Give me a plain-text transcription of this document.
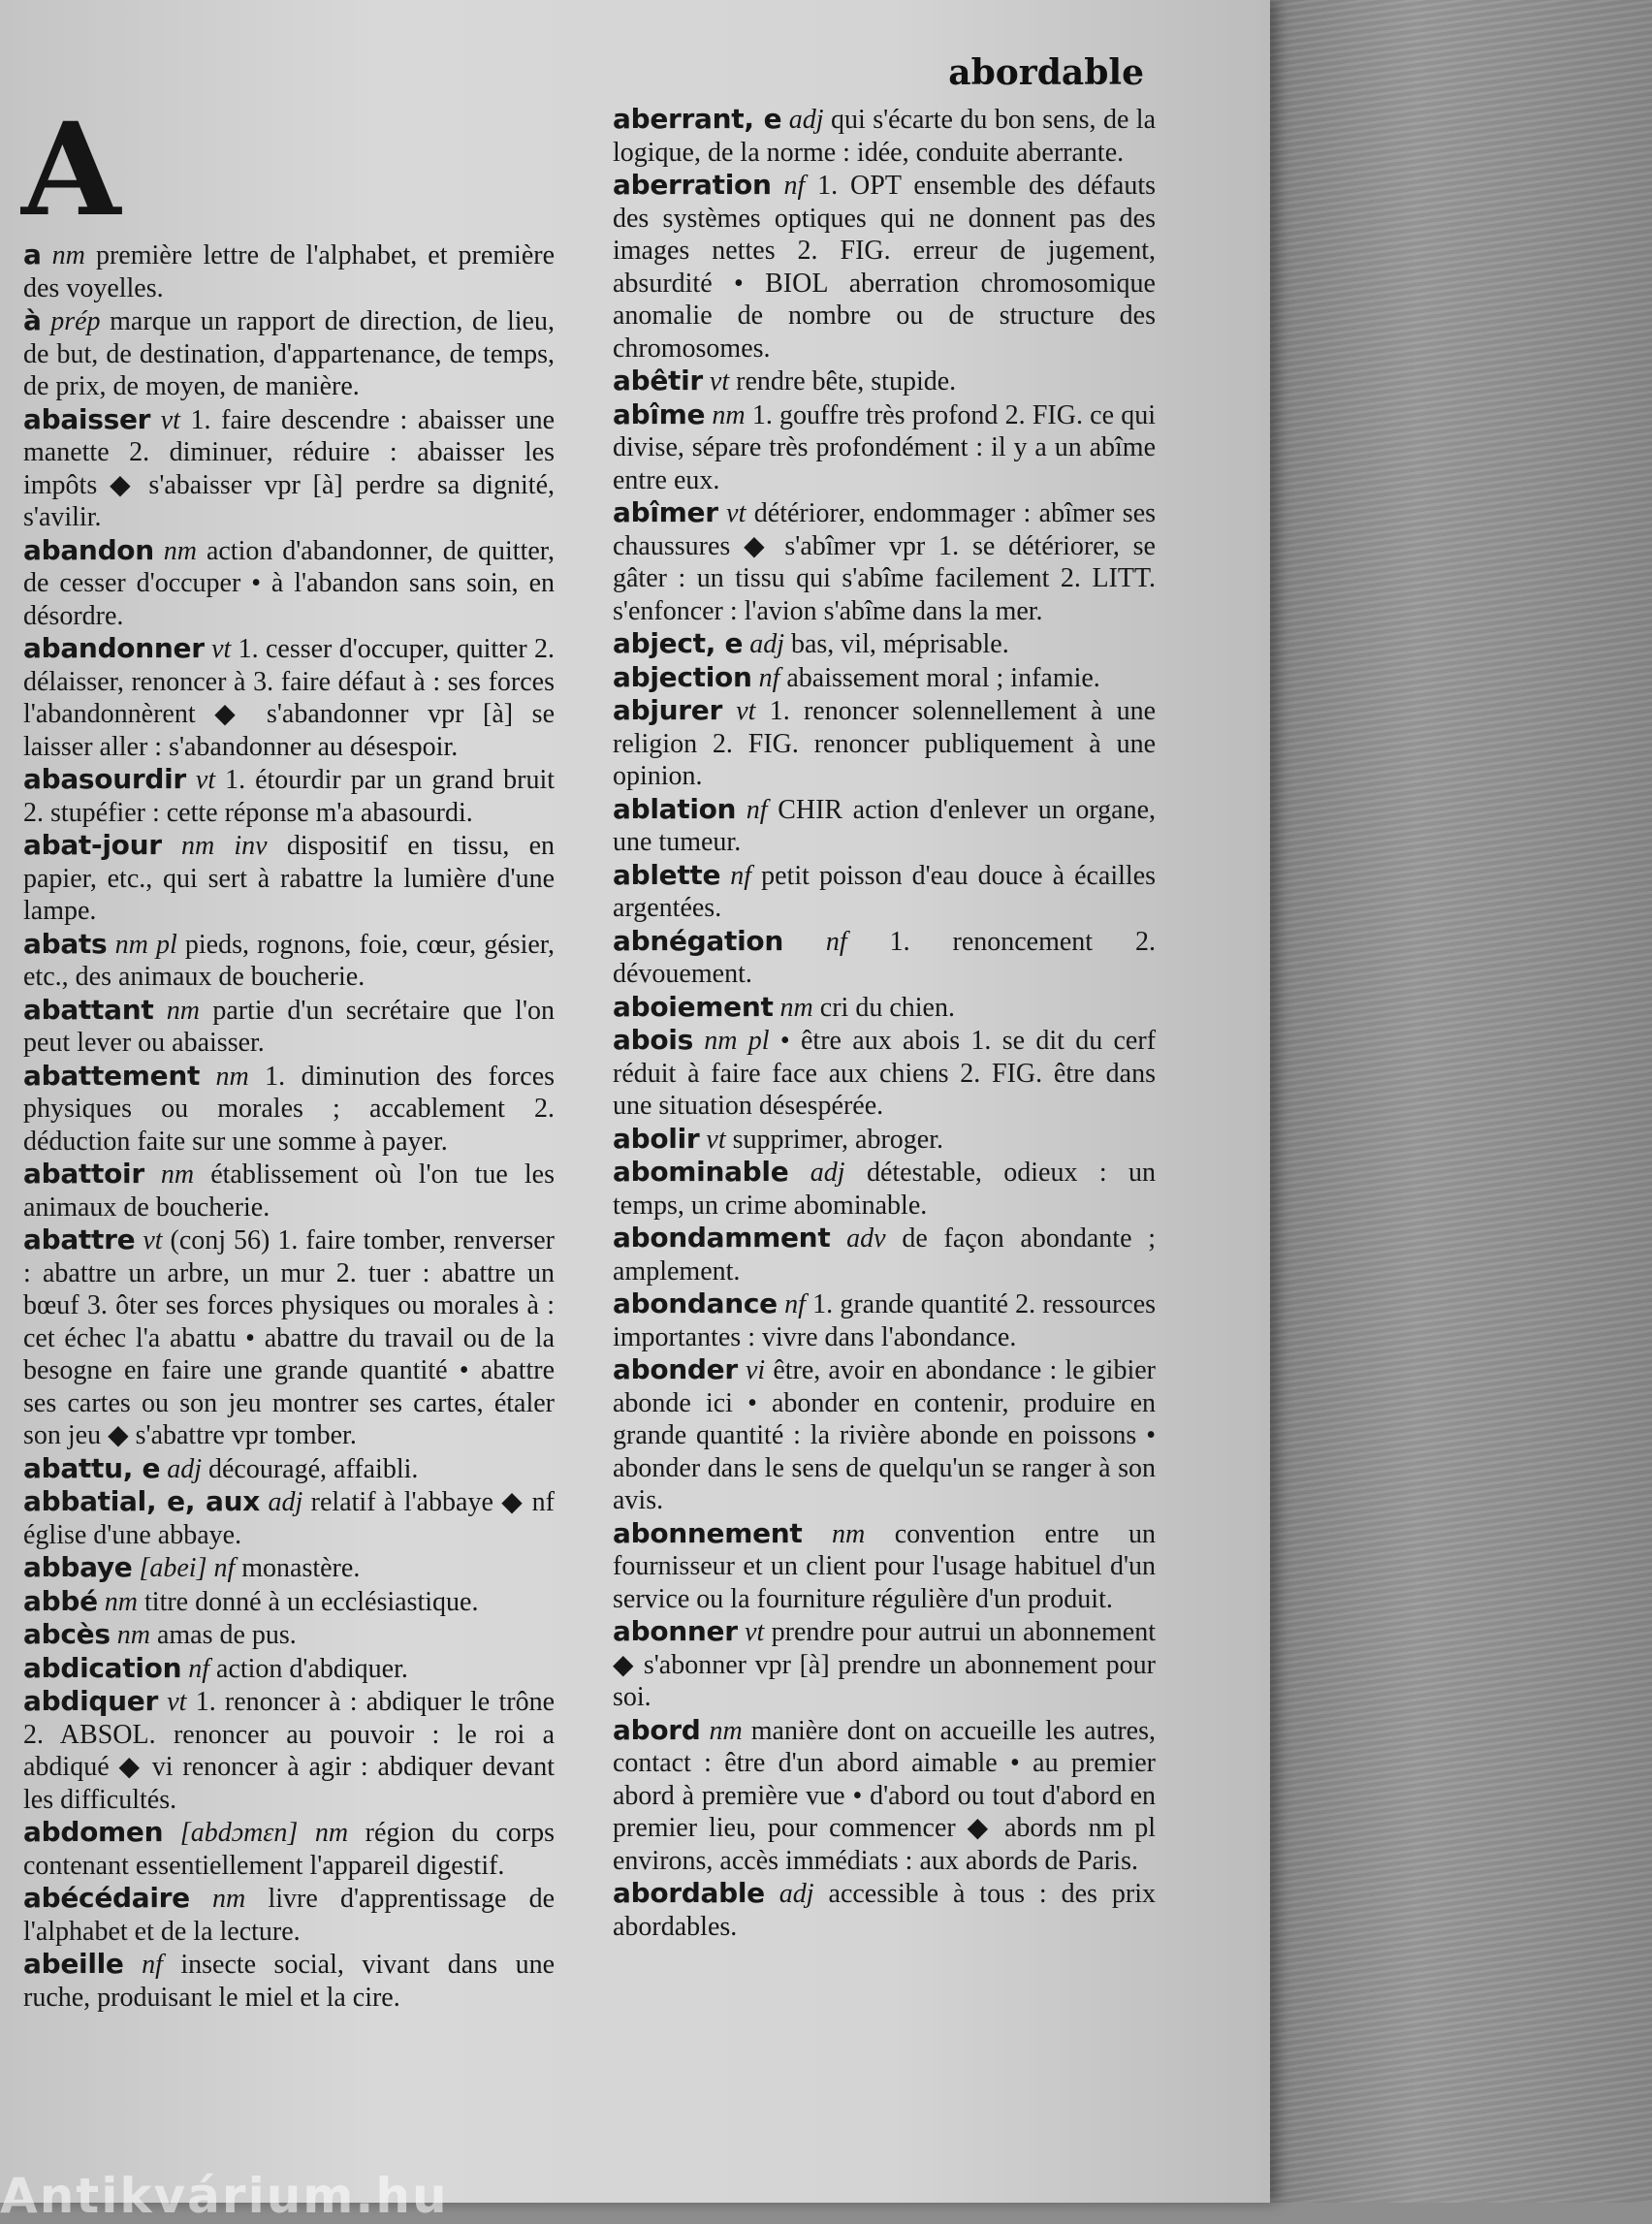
abordable
A

a nm première lettre de l'alphabet, et première des voyelles.

à prép marque un rapport de direction, de lieu, de but, de destination, d'appartenance, de temps, de prix, de moyen, de manière.

abaisser vt 1. faire descendre : abaisser une manette 2. diminuer, réduire : abaisser les impôts ◆ s'abaisser vpr [à] perdre sa dignité, s'avilir.

abandon nm action d'abandonner, de quitter, de cesser d'occuper • à l'abandon sans soin, en désordre.

abandonner vt 1. cesser d'occuper, quitter 2. délaisser, renoncer à 3. faire défaut à : ses forces l'abandonnèrent ◆ s'abandonner vpr [à] se laisser aller : s'abandonner au désespoir.

abasourdir vt 1. étourdir par un grand bruit 2. stupéfier : cette réponse m'a abasourdi.

abat-jour nm inv dispositif en tissu, en papier, etc., qui sert à rabattre la lumière d'une lampe.

abats nm pl pieds, rognons, foie, cœur, gésier, etc., des animaux de boucherie.

abattant nm partie d'un secrétaire que l'on peut lever ou abaisser.

abattement nm 1. diminution des forces physiques ou morales ; accablement 2. déduction faite sur une somme à payer.

abattoir nm établissement où l'on tue les animaux de boucherie.

abattre vt (conj 56) 1. faire tomber, renverser : abattre un arbre, un mur 2. tuer : abattre un bœuf 3. ôter ses forces physiques ou morales à : cet échec l'a abattu • abattre du travail ou de la besogne en faire une grande quantité • abattre ses cartes ou son jeu montrer ses cartes, étaler son jeu ◆ s'abattre vpr tomber.

abattu, e adj découragé, affaibli.

abbatial, e, aux adj relatif à l'abbaye ◆ nf église d'une abbaye.

abbaye [abei] nf monastère.

abbé nm titre donné à un ecclésiastique.

abcès nm amas de pus.

abdication nf action d'abdiquer.

abdiquer vt 1. renoncer à : abdiquer le trône 2. ABSOL. renoncer au pouvoir : le roi a abdiqué ◆ vi renoncer à agir : abdiquer devant les difficultés.

abdomen [abdɔmɛn] nm région du corps contenant essentiellement l'appareil digestif.

abécédaire nm livre d'apprentissage de l'alphabet et de la lecture.

abeille nf insecte social, vivant dans une ruche, produisant le miel et la cire.

aberrant, e adj qui s'écarte du bon sens, de la logique, de la norme : idée, conduite aberrante.

aberration nf 1. OPT ensemble des défauts des systèmes optiques qui ne donnent pas des images nettes 2. FIG. erreur de jugement, absurdité • BIOL aberration chromosomique anomalie de nombre ou de structure des chromosomes.

abêtir vt rendre bête, stupide.

abîme nm 1. gouffre très profond 2. FIG. ce qui divise, sépare très profondément : il y a un abîme entre eux.

abîmer vt détériorer, endommager : abîmer ses chaussures ◆ s'abîmer vpr 1. se détériorer, se gâter : un tissu qui s'abîme facilement 2. LITT. s'enfoncer : l'avion s'abîme dans la mer.

abject, e adj bas, vil, méprisable.

abjection nf abaissement moral ; infamie.

abjurer vt 1. renoncer solennellement à une religion 2. FIG. renoncer publiquement à une opinion.

ablation nf CHIR action d'enlever un organe, une tumeur.

ablette nf petit poisson d'eau douce à écailles argentées.

abnégation nf 1. renoncement 2. dévouement.

aboiement nm cri du chien.

abois nm pl • être aux abois 1. se dit du cerf réduit à faire face aux chiens 2. FIG. être dans une situation désespérée.

abolir vt supprimer, abroger.

abominable adj détestable, odieux : un temps, un crime abominable.

abondamment adv de façon abondante ; amplement.

abondance nf 1. grande quantité 2. ressources importantes : vivre dans l'abondance.

abonder vi être, avoir en abondance : le gibier abonde ici • abonder en contenir, produire en grande quantité : la rivière abonde en poissons • abonder dans le sens de quelqu'un se ranger à son avis.

abonnement nm convention entre un fournisseur et un client pour l'usage habituel d'un service ou la fourniture régulière d'un produit.

abonner vt prendre pour autrui un abonnement ◆ s'abonner vpr [à] prendre un abonnement pour soi.

abord nm manière dont on accueille les autres, contact : être d'un abord aimable • au premier abord à première vue • d'abord ou tout d'abord en premier lieu, pour commencer ◆ abords nm pl environs, accès immédiats : aux abords de Paris.

abordable adj accessible à tous : des prix abordables.

Antikvárium.hu
